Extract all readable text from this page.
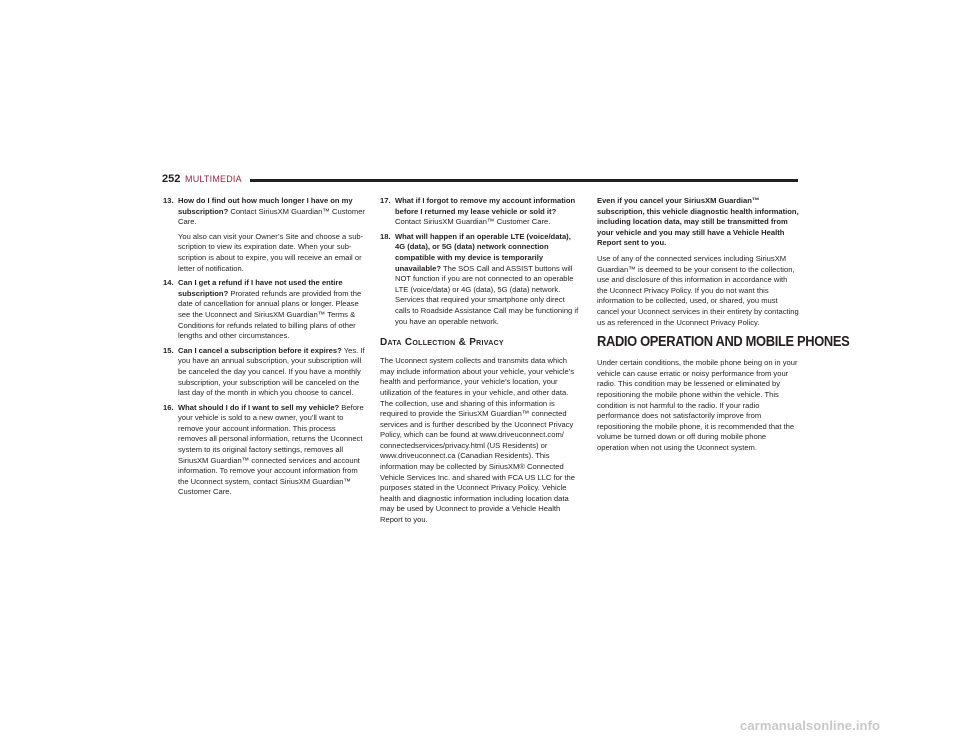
252 MULTIMEDIA
13. How do I find out how much longer I have on my subscription? Contact SiriusXM Guardian™ Customer Care.
You also can visit your Owner’s Site and choose a subscription to view its expiration date. When your subscription is about to expire, you will receive an email or letter of notification.
14. Can I get a refund if I have not used the entire subscription? Prorated refunds are provided from the date of cancellation for annual plans or longer. Please see the Uconnect and SiriusXM Guardian™ Terms & Conditions for refunds related to billing plans of other lengths and other circumstances.
15. Can I cancel a subscription before it expires? Yes. If you have an annual subscription, your subscription will be canceled the day you cancel. If you have a monthly subscription, your subscription will be canceled on the last day of the month in which you choose to cancel.
16. What should I do if I want to sell my vehicle? Before your vehicle is sold to a new owner, you’ll want to remove your account information. This process removes all personal information, returns the Uconnect system to its original factory settings, removes all SiriusXM Guardian™ connected services and account information. To remove your account information from the Uconnect system, contact SiriusXM Guardian™ Customer Care.
17. What if I forgot to remove my account information before I returned my lease vehicle or sold it? Contact SiriusXM Guardian™ Customer Care.
18. What will happen if an operable LTE (voice/data), 4G (data), or 5G (data) network connection compatible with my device is temporarily unavailable? The SOS Call and ASSIST buttons will NOT function if you are not connected to an operable LTE (voice/data) or 4G (data), 5G (data) network. Services that required your smartphone only direct calls to Roadside Assistance Call may be functioning if you have an operable network.
Data Collection & Privacy
The Uconnect system collects and transmits data which may include information about your vehicle, your vehicle’s health and performance, your vehicle’s location, your utilization of the features in your vehicle, and other data. The collection, use and sharing of this information is required to provide the SiriusXM Guardian™ connected services and is further described by the Uconnect Privacy Policy, which can be found at www.driveuconnect.com/ connectedservices/privacy.html (US Residents) or www.driveuconnect.ca (Canadian Residents). This information may be collected by SiriusXM® Connected Vehicle Services Inc. and shared with FCA US LLC for the purposes stated in the Uconnect Privacy Policy. Vehicle health and diagnostic information including location data may be used by Uconnect to provide a Vehicle Health Report to you.
Even if you cancel your SiriusXM Guardian™ subscription, this vehicle diagnostic health information, including location data, may still be transmitted from your vehicle and you may still have a Vehicle Health Report sent to you.
Use of any of the connected services including SiriusXM Guardian™ is deemed to be your consent to the collection, use and disclosure of this information in accordance with the Uconnect Privacy Policy. If you do not want this information to be collected, used, or shared, you must cancel your Uconnect services in their entirety by contacting us as referenced in the Uconnect Privacy Policy.
RADIO OPERATION AND MOBILE PHONES
Under certain conditions, the mobile phone being on in your vehicle can cause erratic or noisy performance from your radio. This condition may be lessened or eliminated by repositioning the mobile phone within the vehicle. This condition is not harmful to the radio. If your radio performance does not satisfactorily improve from repositioning the mobile phone, it is recommended that the volume be turned down or off during mobile phone operation when not using the Uconnect system.
carmanualsonline.info
